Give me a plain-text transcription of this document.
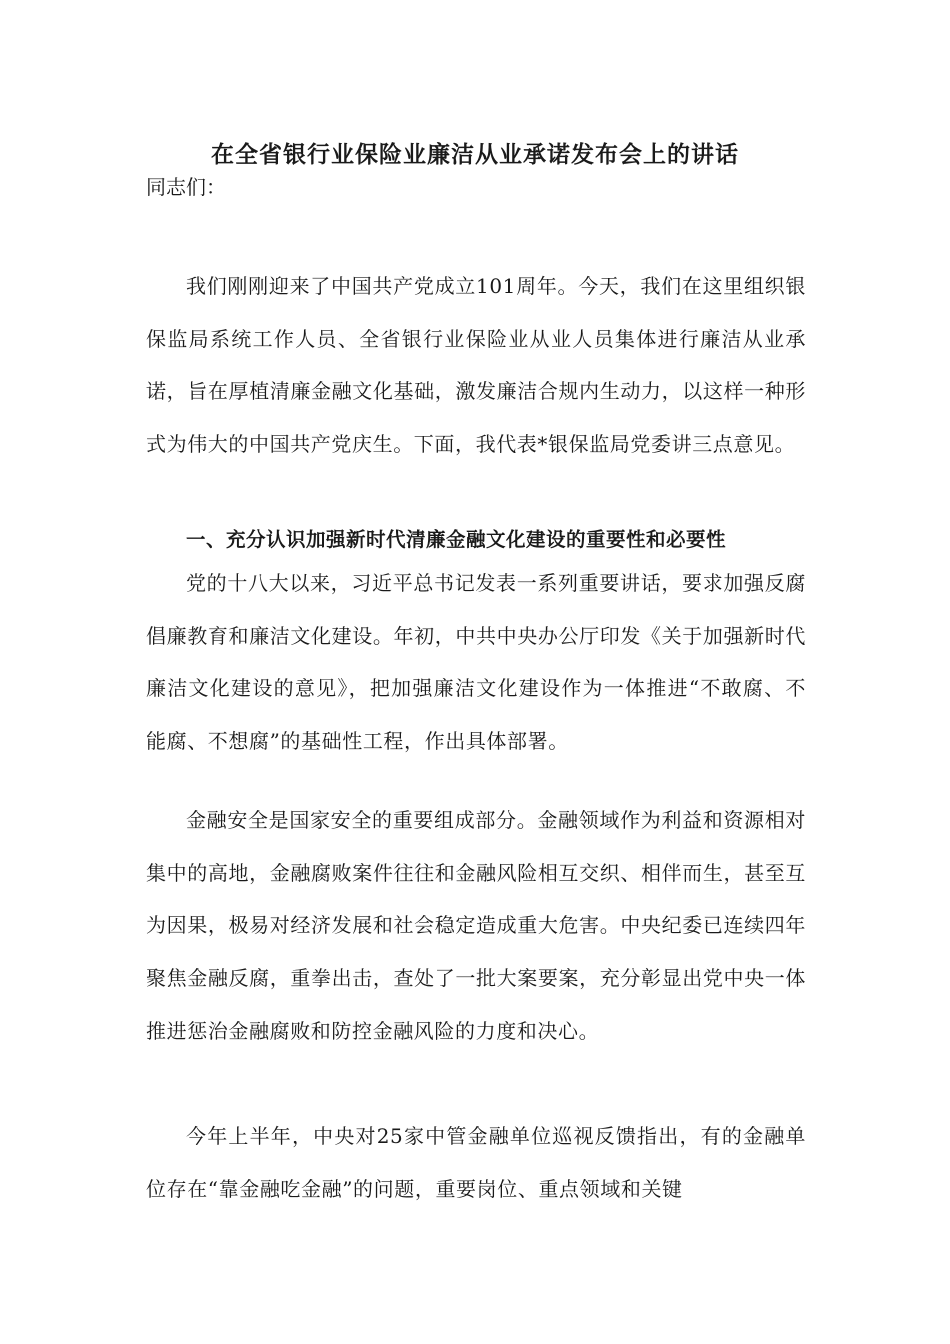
在全省银行业保险业廉洁从业承诺发布会上的讲话

同志们：

我们刚刚迎来了中国共产党成立101周年。今天，我们在这里组织银保监局系统工作人员、全省银行业保险业从业人员集体进行廉洁从业承诺，旨在厚植清廉金融文化基础，激发廉洁合规内生动力，以这样一种形式为伟大的中国共产党庆生。下面，我代表*银保监局党委讲三点意见。

一、充分认识加强新时代清廉金融文化建设的重要性和必要性

党的十八大以来，习近平总书记发表一系列重要讲话，要求加强反腐倡廉教育和廉洁文化建设。年初，中共中央办公厅印发《关于加强新时代廉洁文化建设的意见》，把加强廉洁文化建设作为一体推进“不敢腐、不能腐、不想腐”的基础性工程，作出具体部署。

金融安全是国家安全的重要组成部分。金融领域作为利益和资源相对集中的高地，金融腐败案件往往和金融风险相互交织、相伴而生，甚至互为因果，极易对经济发展和社会稳定造成重大危害。中央纪委已连续四年聚焦金融反腐，重拳出击，查处了一批大案要案，充分彰显出党中央一体推进惩治金融腐败和防控金融风险的力度和决心。

今年上半年，中央对25家中管金融单位巡视反馈指出，有的金融单位存在“靠金融吃金融”的问题，重要岗位、重点领域和关键
